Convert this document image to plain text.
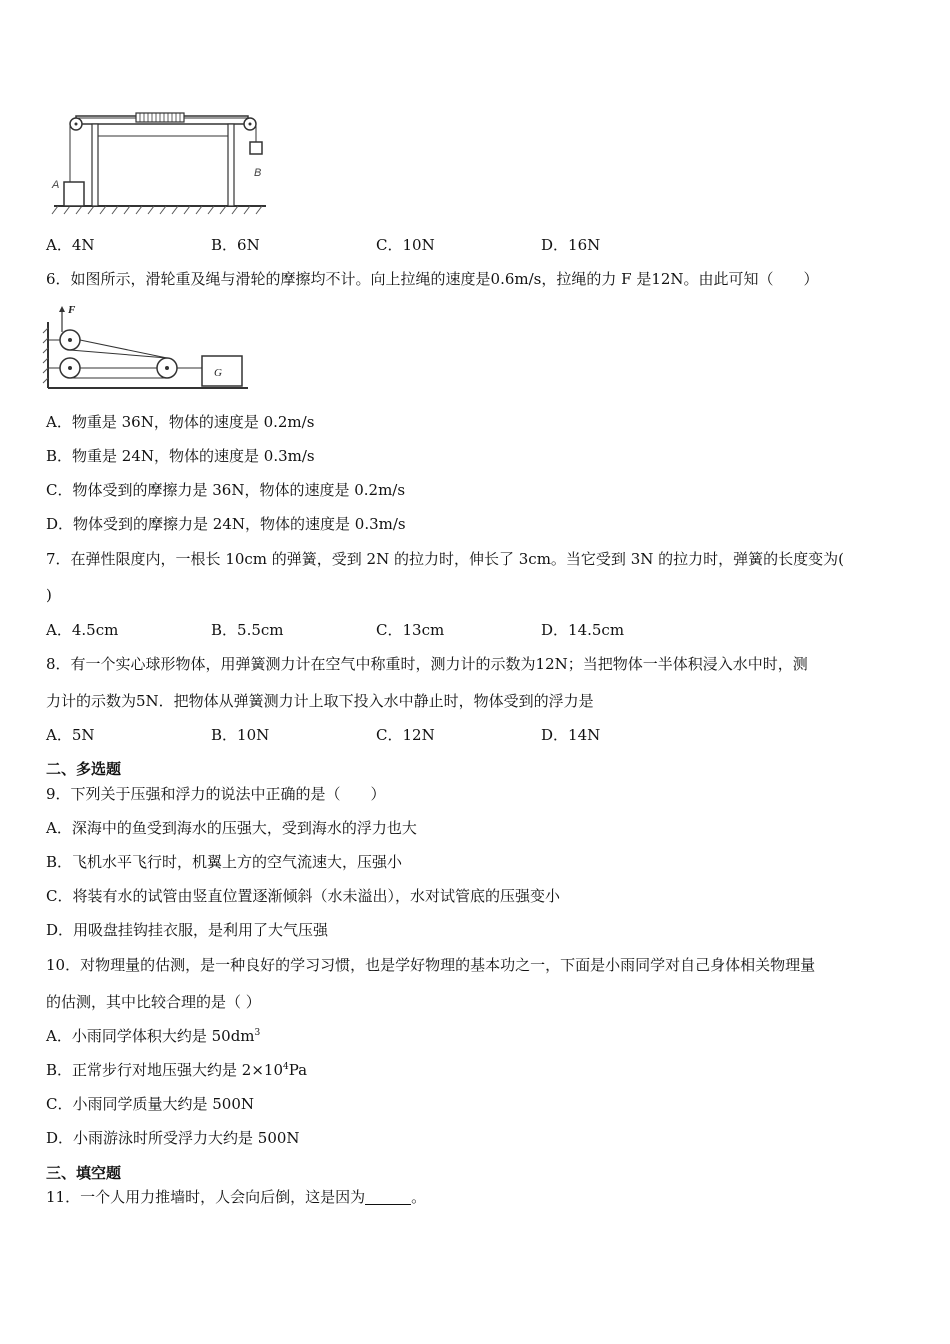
A
B
A．4N	B．6N	C．10N	D．16N
6．如图所示，滑轮重及绳与滑轮的摩擦均不计。向上拉绳的速度是0.6m/s，拉绳的力 F 是12N。由此可知（　　）
F
G
A．物重是 36N，物体的速度是 0.2m/s
B．物重是 24N，物体的速度是 0.3m/s
C．物体受到的摩擦力是 36N，物体的速度是 0.2m/s
D．物体受到的摩擦力是 24N，物体的速度是 0.3m/s
7．在弹性限度内，一根长 10cm 的弹簧，受到 2N 的拉力时，伸长了 3cm。当它受到 3N 的拉力时，弹簧的长度变为(
)
A．4.5cm	B．5.5cm	C．13cm	D．14.5cm
8．有一个实心球形物体，用弹簧测力计在空气中称重时，测力计的示数为12N；当把物体一半体积浸入水中时，测
力计的示数为5N．把物体从弹簧测力计上取下投入水中静止时，物体受到的浮力是
A．5N	B．10N	C．12N	D．14N
二、多选题
9．下列关于压强和浮力的说法中正确的是（　　）
A．深海中的鱼受到海水的压强大，受到海水的浮力也大
B．飞机水平飞行时，机翼上方的空气流速大，压强小
C．将装有水的试管由竖直位置逐渐倾斜（水未溢出），水对试管底的压强变小
D．用吸盘挂钩挂衣服，是利用了大气压强
10．对物理量的估测，是一种良好的学习习惯，也是学好物理的基本功之一，下面是小雨同学对自己身体相关物理量
的估测，其中比较合理的是（ ）
A．小雨同学体积大约是 $50dm^3$
B．正常步行对地压强大约是 $2\times 10^4Pa$
C．小雨同学质量大约是 500N
D．小雨游泳时所受浮力大约是 500N
三、填空题
11．一个人用力推墙时，人会向后倒，这是因为	。
